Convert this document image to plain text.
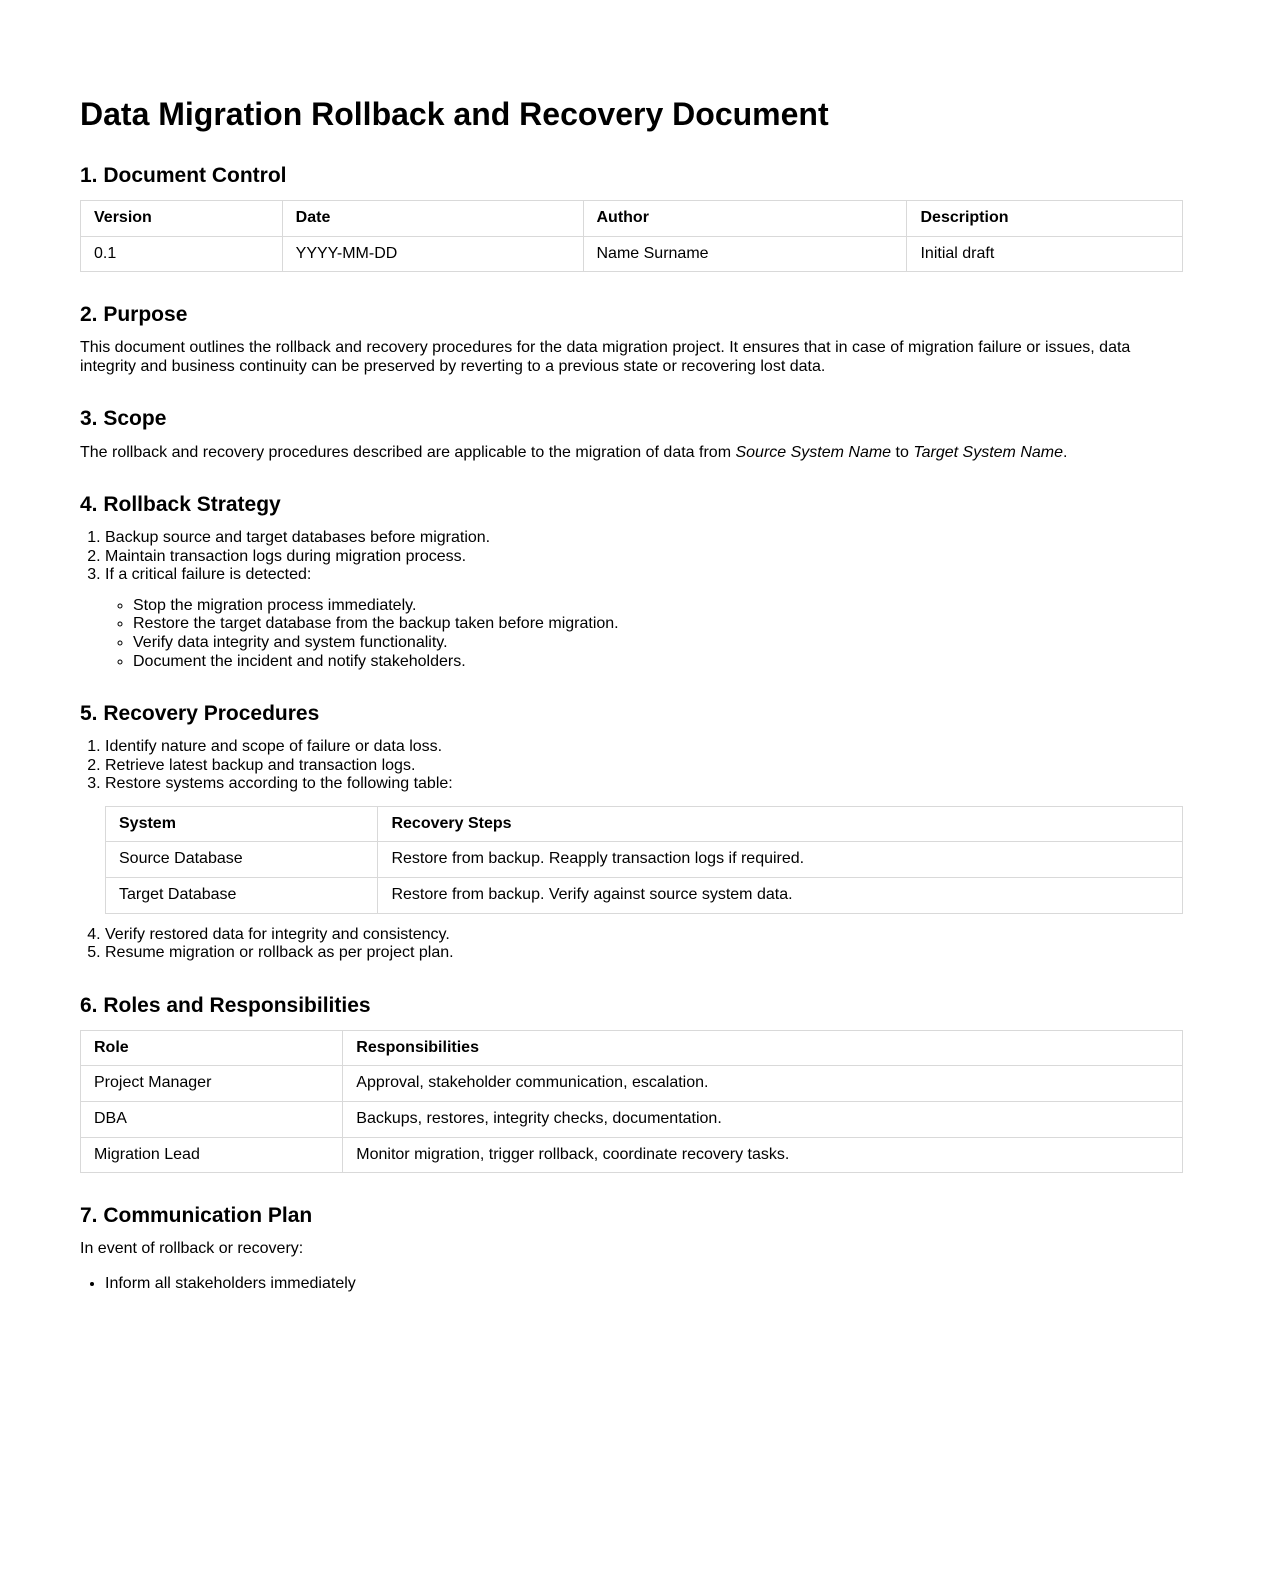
Data Migration Rollback and Recovery Document
1. Document Control
Version	Date	Author	Description
0.1	YYYY-MM-DD	Name Surname	Initial draft
2. Purpose

This document outlines the rollback and recovery procedures for the data migration project. It ensures that in case of migration failure or issues, data integrity and business continuity can be preserved by reverting to a previous state or recovering lost data.

3. Scope

The rollback and recovery procedures described are applicable to the migration of data from Source System Name to Target System Name.

4. Rollback Strategy
1. Backup source and target databases before migration.
2. Maintain transaction logs during migration process.
3. If a critical failure is detected:
◦ Stop the migration process immediately.
◦ Restore the target database from the backup taken before migration.
◦ Verify data integrity and system functionality.
◦ Document the incident and notify stakeholders.
5. Recovery Procedures
1. Identify nature and scope of failure or data loss.
2. Retrieve latest backup and transaction logs.
3. Restore systems according to the following table:
System	Recovery Steps
Source Database	Restore from backup. Reapply transaction logs if required.
Target Database	Restore from backup. Verify against source system data.
4. Verify restored data for integrity and consistency.
5. Resume migration or rollback as per project plan.
6. Roles and Responsibilities
Role	Responsibilities
Project Manager	Approval, stakeholder communication, escalation.
DBA	Backups, restores, integrity checks, documentation.
Migration Lead	Monitor migration, trigger rollback, coordinate recovery tasks.
7. Communication Plan

In event of rollback or recovery:

• Inform all stakeholders immediately
